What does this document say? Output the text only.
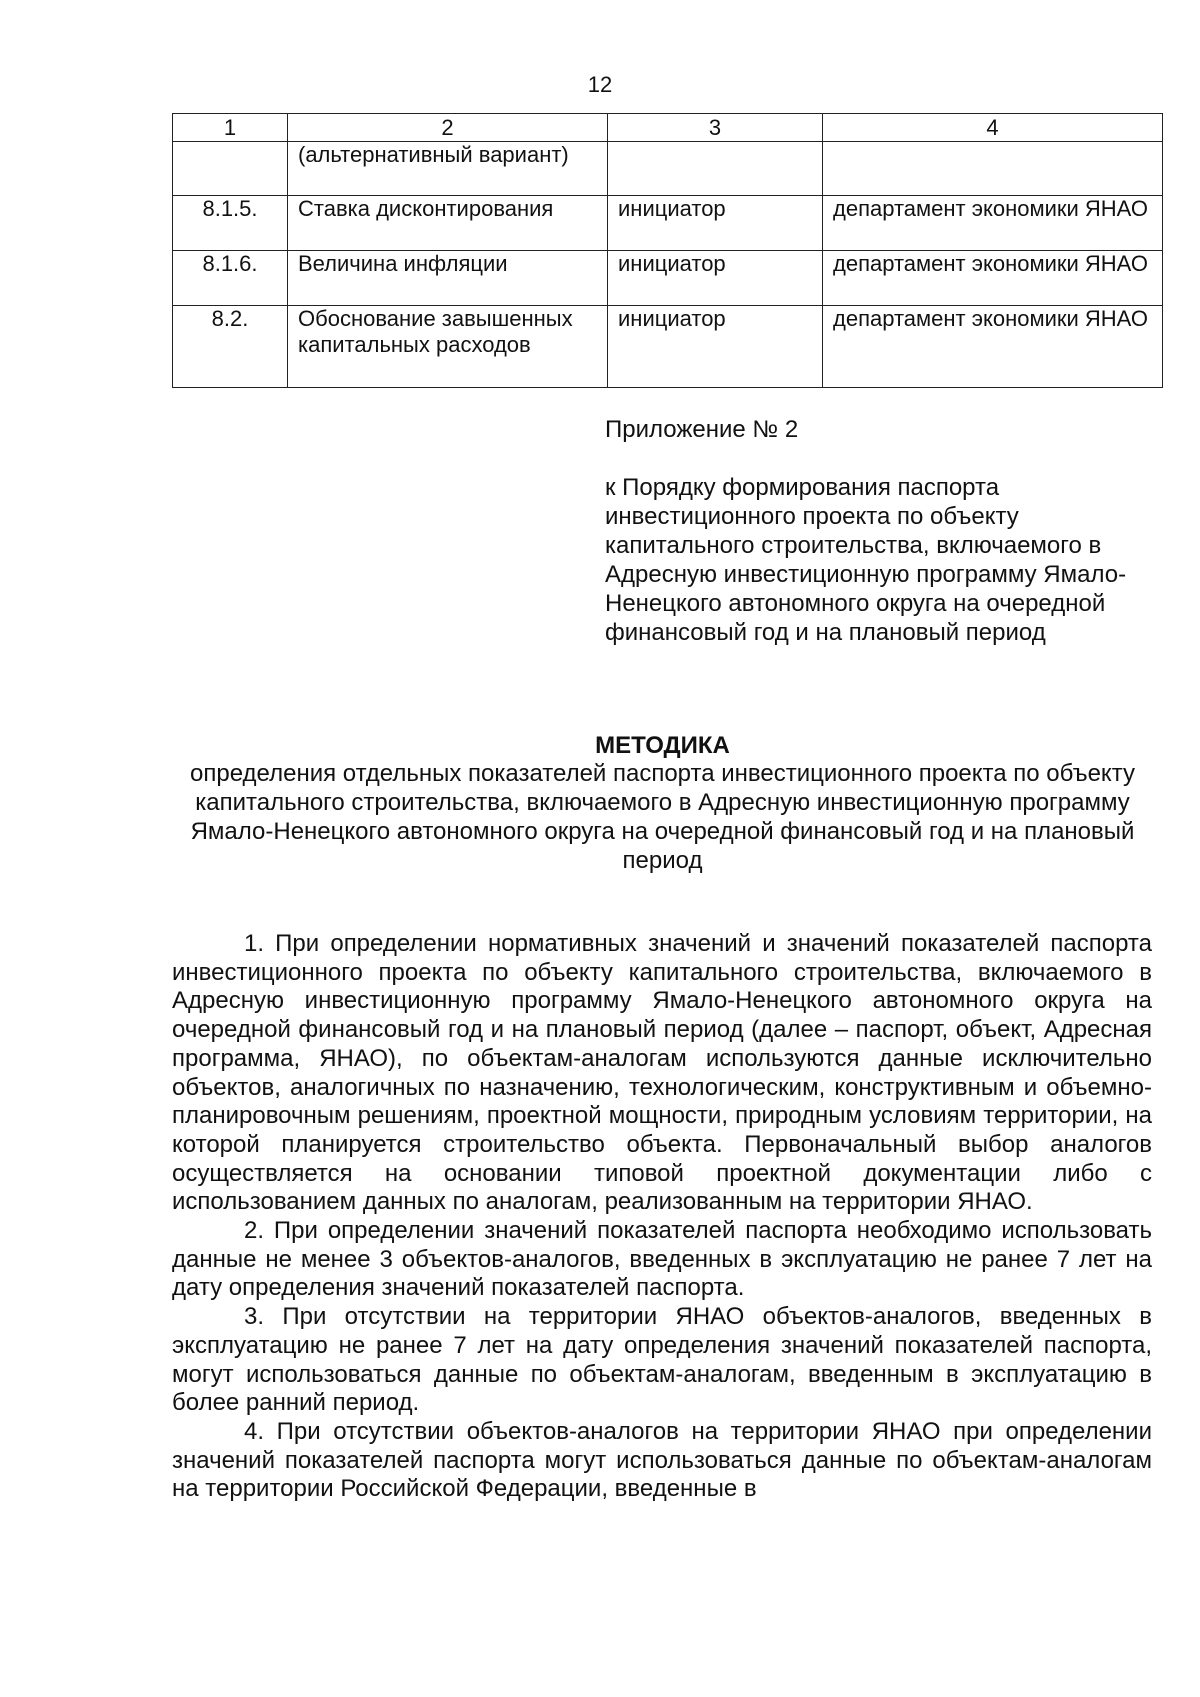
12
1	2	3	4
	(альтернативный вариант)		
8.1.5.	Ставка дисконтирования	инициатор	департамент экономики ЯНАО
8.1.6.	Величина инфляции	инициатор	департамент экономики ЯНАО
8.2.	Обоснование завышенных капитальных расходов	инициатор	департамент экономики ЯНАО
Приложение № 2
к Порядку формирования паспорта инвестиционного проекта по объекту капитального строительства, включаемого в Адресную инвестиционную программу Ямало-Ненецкого автономного округа на очередной финансовый год и на плановый период
МЕТОДИКА
определения отдельных показателей паспорта инвестиционного проекта по объекту капитального строительства, включаемого в Адресную инвестиционную программу Ямало-Ненецкого автономного округа на очередной финансовый год и на плановый период

1. При определении нормативных значений и значений показателей паспорта инвестиционного проекта по объекту капитального строительства, включаемого в Адресную инвестиционную программу Ямало-Ненецкого автономного округа на очередной финансовый год и на плановый период (далее – паспорт, объект, Адресная программа, ЯНАО), по объектам-аналогам используются данные исключительно объектов, аналогичных по назначению, технологическим, конструктивным и объемно-планировочным решениям, проектной мощности, природным условиям территории, на которой планируется строительство объекта. Первоначальный выбор аналогов осуществляется на основании типовой проектной документации либо с использованием данных по аналогам, реализованным на территории ЯНАО.

2. При определении значений показателей паспорта необходимо использовать данные не менее 3 объектов-аналогов, введенных в эксплуатацию не ранее 7 лет на дату определения значений показателей паспорта.

3. При отсутствии на территории ЯНАО объектов-аналогов, введенных в эксплуатацию не ранее 7 лет на дату определения значений показателей паспорта, могут использоваться данные по объектам-аналогам, введенным в эксплуатацию в более ранний период.

4. При отсутствии объектов-аналогов на территории ЯНАО при определении значений показателей паспорта могут использоваться данные по объектам-аналогам на территории Российской Федерации, введенные в
